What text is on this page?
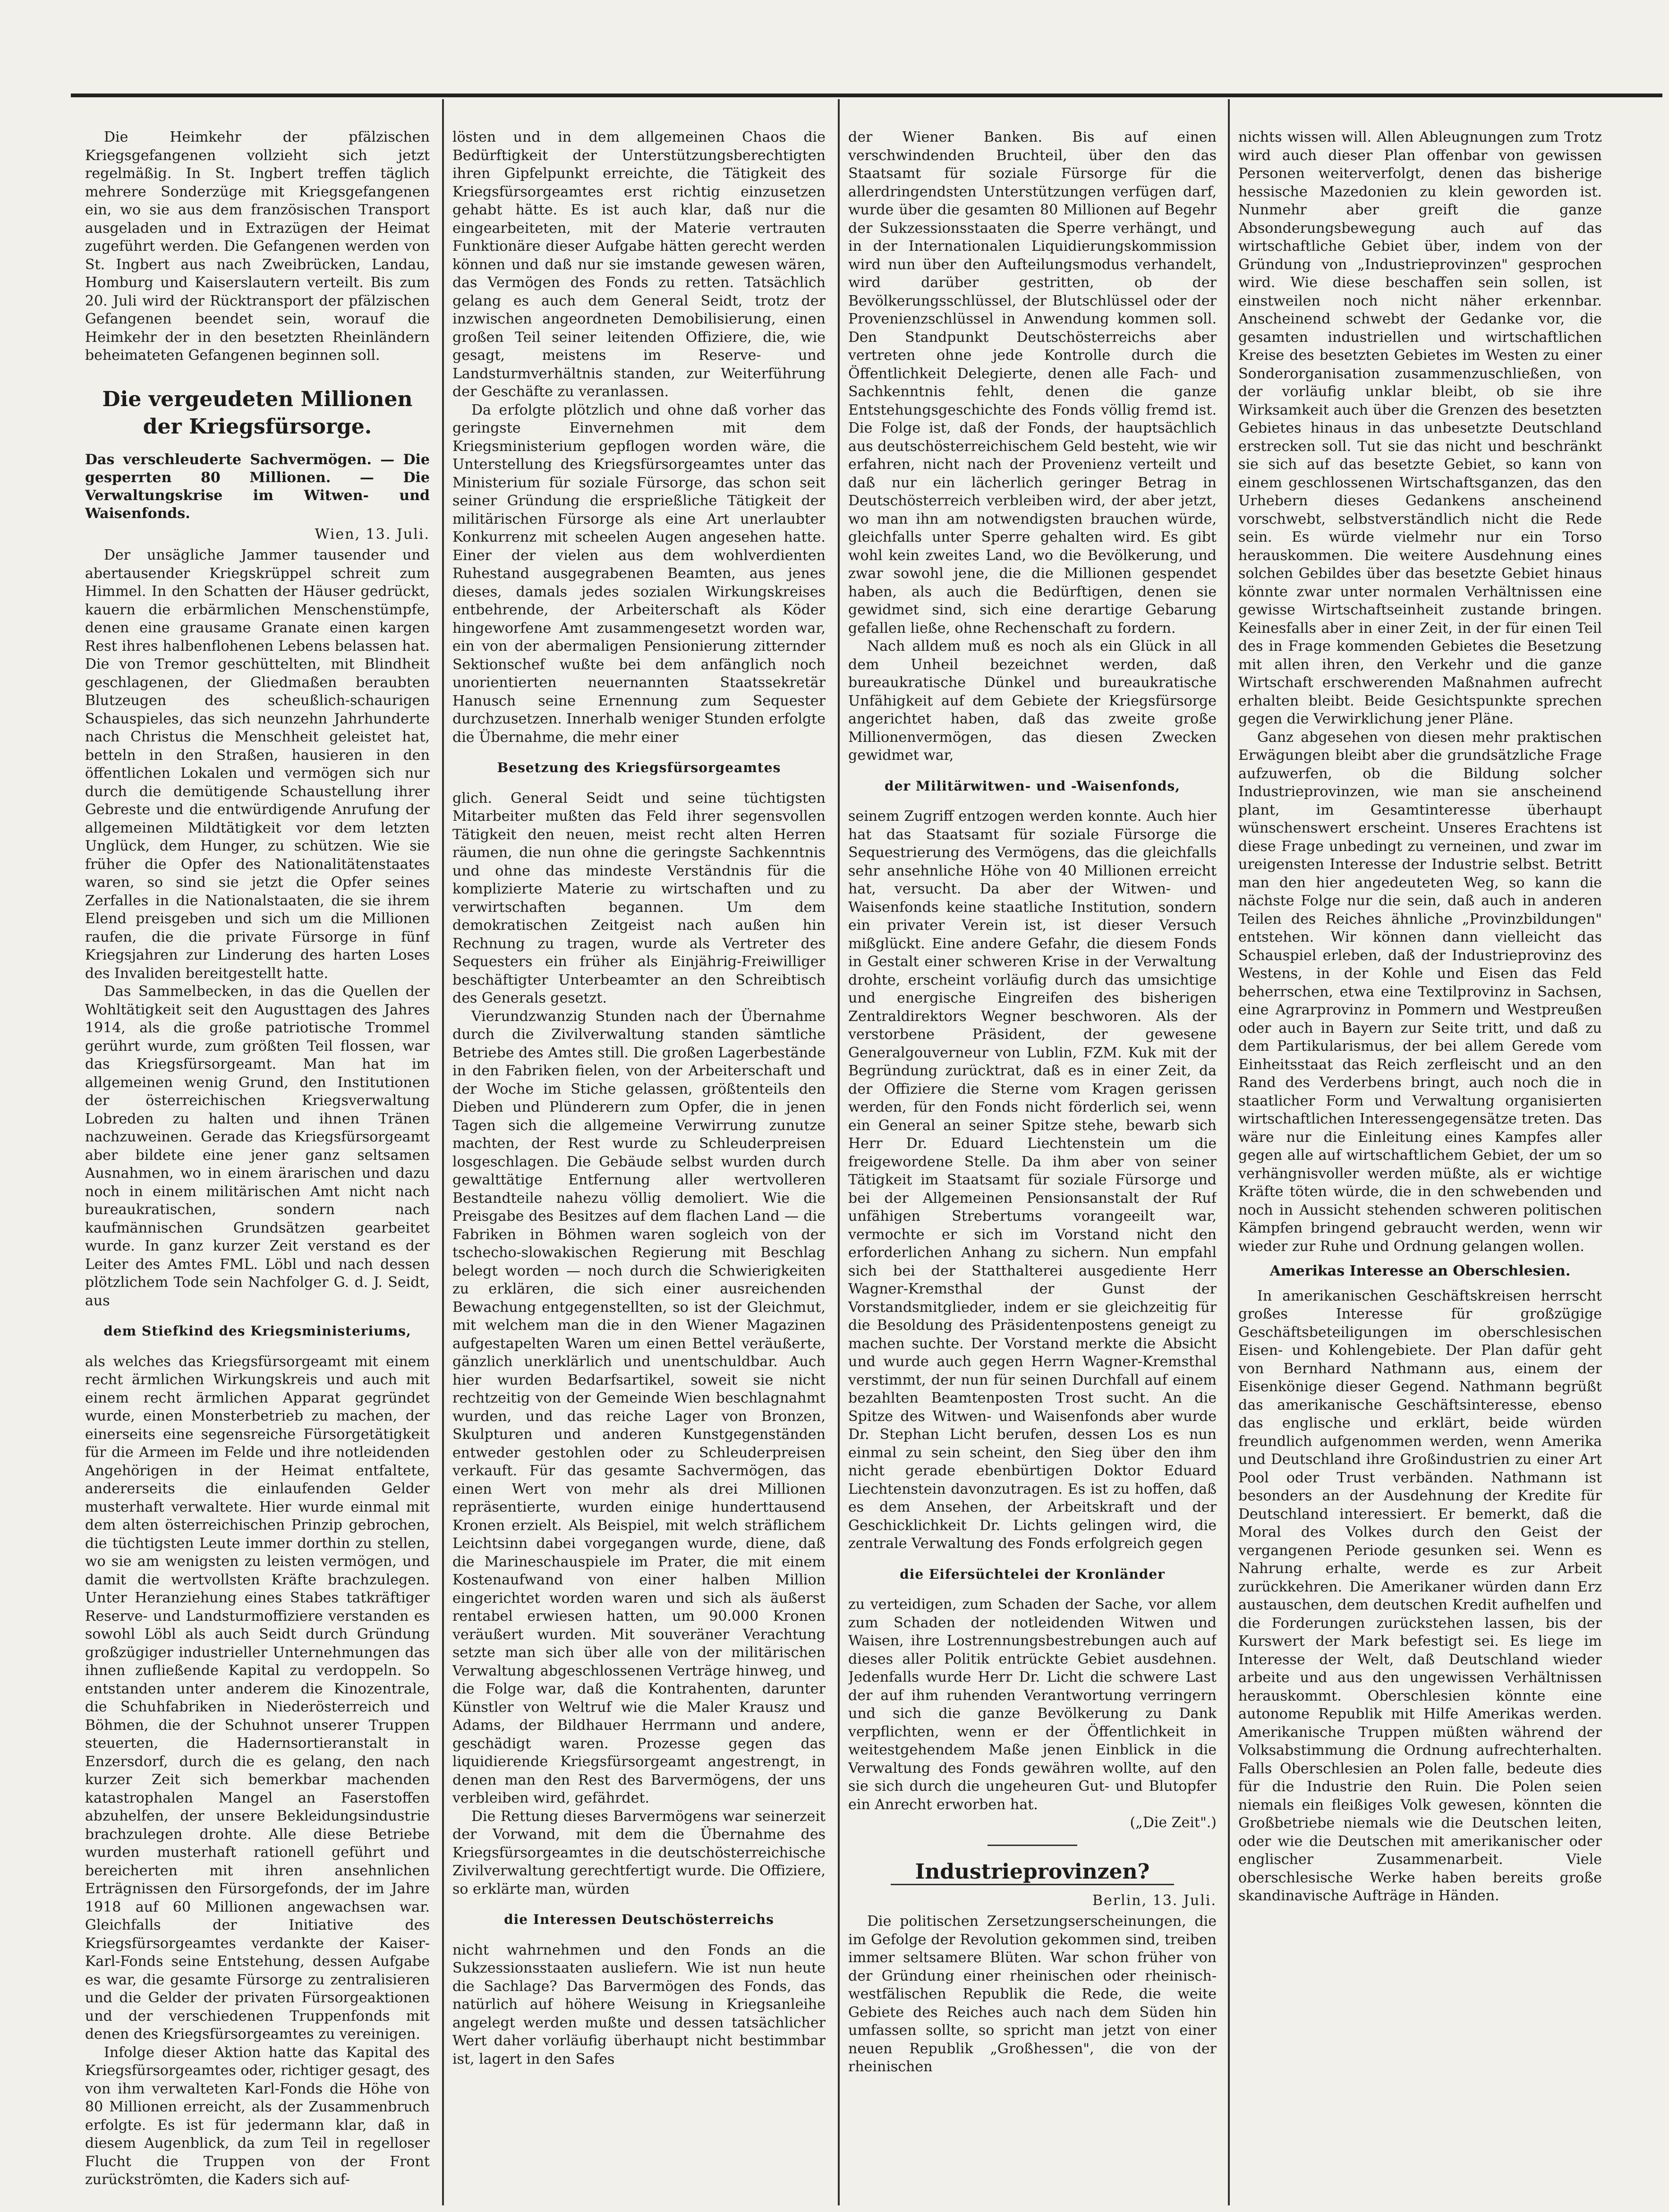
Die Heimkehr der pfälzischen Kriegsgefangenen vollzieht sich jetzt regelmäßig. In St. Ingbert treffen täglich mehrere Sonderzüge mit Kriegsgefangenen ein, wo sie aus dem französischen Transport ausgeladen und in Extrazügen der Heimat zugeführt werden. Die Gefangenen werden von St. Ingbert aus nach Zweibrücken, Landau, Homburg und Kaiserslautern verteilt. Bis zum 20. Juli wird der Rücktransport der pfälzischen Gefangenen beendet sein, worauf die Heimkehr der in den besetzten Rheinländern beheimateten Gefangenen beginnen soll.

Die vergeudeten Millionen der Kriegsfürsorge.
Das verschleuderte Sachvermögen. — Die gesperrten 80 Millionen. — Die Verwaltungskrise im Witwen- und Waisenfonds.
Wien, 13. Juli.

Der unsägliche Jammer tausender und abertausender Kriegskrüppel schreit zum Himmel. In den Schatten der Häuser gedrückt, kauern die erbärmlichen Menschenstümpfe, denen eine grausame Granate einen kargen Rest ihres halbenflohenen Lebens belassen hat. Die von Tremor geschüttelten, mit Blindheit geschlagenen, der Gliedmaßen beraubten Blutzeugen des scheußlich-schaurigen Schauspieles, das sich neunzehn Jahrhunderte nach Christus die Menschheit geleistet hat, betteln in den Straßen, hausieren in den öffentlichen Lokalen und vermögen sich nur durch die demütigende Schaustellung ihrer Gebreste und die entwürdigende Anrufung der allgemeinen Mildtätigkeit vor dem letzten Unglück, dem Hunger, zu schützen. Wie sie früher die Opfer des Nationalitätenstaates waren, so sind sie jetzt die Opfer seines Zerfalles in die Nationalstaaten, die sie ihrem Elend preisgeben und sich um die Millionen raufen, die die private Fürsorge in fünf Kriegsjahren zur Linderung des harten Loses des Invaliden bereitgestellt hatte.

Das Sammelbecken, in das die Quellen der Wohltätigkeit seit den Augusttagen des Jahres 1914, als die große patriotische Trommel gerührt wurde, zum größten Teil flossen, war das Kriegsfürsorgeamt. Man hat im allgemeinen wenig Grund, den Institutionen der österreichischen Kriegsverwaltung Lobreden zu halten und ihnen Tränen nachzuweinen. Gerade das Kriegsfürsorgeamt aber bildete eine jener ganz seltsamen Ausnahmen, wo in einem ärarischen und dazu noch in einem militärischen Amt nicht nach bureaukratischen, sondern nach kaufmännischen Grundsätzen gearbeitet wurde. In ganz kurzer Zeit verstand es der Leiter des Amtes FML. Löbl und nach dessen plötzlichem Tode sein Nachfolger G. d. J. Seidt, aus

dem Stiefkind des Kriegsministeriums,

als welches das Kriegsfürsorgeamt mit einem recht ärmlichen Wirkungskreis und auch mit einem recht ärmlichen Apparat gegründet wurde, einen Monsterbetrieb zu machen, der einerseits eine segensreiche Fürsorgetätigkeit für die Armeen im Felde und ihre notleidenden Angehörigen in der Heimat entfaltete, andererseits die einlaufenden Gelder musterhaft verwaltete. Hier wurde einmal mit dem alten österreichischen Prinzip gebrochen, die tüchtigsten Leute immer dorthin zu stellen, wo sie am wenigsten zu leisten vermögen, und damit die wertvollsten Kräfte brachzulegen. Unter Heranziehung eines Stabes tatkräftiger Reserve- und Landsturmoffiziere verstanden es sowohl Löbl als auch Seidt durch Gründung großzügiger industrieller Unternehmungen das ihnen zufließende Kapital zu verdoppeln. So entstanden unter anderem die Kinozentrale, die Schuhfabriken in Niederösterreich und Böhmen, die der Schuhnot unserer Truppen steuerten, die Hadernsortieranstalt in Enzersdorf, durch die es gelang, den nach kurzer Zeit sich bemerkbar machenden katastrophalen Mangel an Faserstoffen abzuhelfen, der unsere Bekleidungsindustrie brachzulegen drohte. Alle diese Betriebe wurden musterhaft rationell geführt und bereicherten mit ihren ansehnlichen Erträgnissen den Fürsorgefonds, der im Jahre 1918 auf 60 Millionen angewachsen war. Gleichfalls der Initiative des Kriegsfürsorgeamtes verdankte der Kaiser-Karl-Fonds seine Entstehung, dessen Aufgabe es war, die gesamte Fürsorge zu zentralisieren und die Gelder der privaten Fürsorgeaktionen und der verschiedenen Truppenfonds mit denen des Kriegsfürsorgeamtes zu vereinigen.

Infolge dieser Aktion hatte das Kapital des Kriegsfürsorgeamtes oder, richtiger gesagt, des von ihm verwalteten Karl-Fonds die Höhe von 80 Millionen erreicht, als der Zusammenbruch erfolgte. Es ist für jedermann klar, daß in diesem Augenblick, da zum Teil in regelloser Flucht die Truppen von der Front zurückströmten, die Kaders sich auf-

lösten und in dem allgemeinen Chaos die Bedürftigkeit der Unterstützungsberechtigten ihren Gipfelpunkt erreichte, die Tätigkeit des Kriegsfürsorgeamtes erst richtig einzusetzen gehabt hätte. Es ist auch klar, daß nur die eingearbeiteten, mit der Materie vertrauten Funktionäre dieser Aufgabe hätten gerecht werden können und daß nur sie imstande gewesen wären, das Vermögen des Fonds zu retten. Tatsächlich gelang es auch dem General Seidt, trotz der inzwischen angeordneten Demobilisierung, einen großen Teil seiner leitenden Offiziere, die, wie gesagt, meistens im Reserve- und Landsturmverhältnis standen, zur Weiterführung der Geschäfte zu veranlassen.

Da erfolgte plötzlich und ohne daß vorher das geringste Einvernehmen mit dem Kriegsministerium gepflogen worden wäre, die Unterstellung des Kriegsfürsorgeamtes unter das Ministerium für soziale Fürsorge, das schon seit seiner Gründung die ersprießliche Tätigkeit der militärischen Fürsorge als eine Art unerlaubter Konkurrenz mit scheelen Augen angesehen hatte. Einer der vielen aus dem wohlverdienten Ruhestand ausgegrabenen Beamten, aus jenes dieses, damals jedes sozialen Wirkungskreises entbehrende, der Arbeiterschaft als Köder hingeworfene Amt zusammengesetzt worden war, ein von der abermaligen Pensionierung zitternder Sektionschef wußte bei dem anfänglich noch unorientierten neuernannten Staatssekretär Hanusch seine Ernennung zum Sequester durchzusetzen. Innerhalb weniger Stunden erfolgte die Übernahme, die mehr einer

Besetzung des Kriegsfürsorgeamtes

glich. General Seidt und seine tüchtigsten Mitarbeiter mußten das Feld ihrer segensvollen Tätigkeit den neuen, meist recht alten Herren räumen, die nun ohne die geringste Sachkenntnis und ohne das mindeste Verständnis für die komplizierte Materie zu wirtschaften und zu verwirtschaften begannen. Um dem demokratischen Zeitgeist nach außen hin Rechnung zu tragen, wurde als Vertreter des Sequesters ein früher als Einjährig-Freiwilliger beschäftigter Unterbeamter an den Schreibtisch des Generals gesetzt.

Vierundzwanzig Stunden nach der Übernahme durch die Zivilverwaltung standen sämtliche Betriebe des Amtes still. Die großen Lagerbestände in den Fabriken fielen, von der Arbeiterschaft und der Woche im Stiche gelassen, größtenteils den Dieben und Plünderern zum Opfer, die in jenen Tagen sich die allgemeine Verwirrung zunutze machten, der Rest wurde zu Schleuderpreisen losgeschlagen. Die Gebäude selbst wurden durch gewalttätige Entfernung aller wertvolleren Bestandteile nahezu völlig demoliert. Wie die Preisgabe des Besitzes auf dem flachen Land — die Fabriken in Böhmen waren sogleich von der tschecho-slowakischen Regierung mit Beschlag belegt worden — noch durch die Schwierigkeiten zu erklären, die sich einer ausreichenden Bewachung entgegenstellten, so ist der Gleichmut, mit welchem man die in den Wiener Magazinen aufgestapelten Waren um einen Bettel veräußerte, gänzlich unerklärlich und unentschuldbar. Auch hier wurden Bedarfsartikel, soweit sie nicht rechtzeitig von der Gemeinde Wien beschlagnahmt wurden, und das reiche Lager von Bronzen, Skulpturen und anderen Kunstgegenständen entweder gestohlen oder zu Schleuderpreisen verkauft. Für das gesamte Sachvermögen, das einen Wert von mehr als drei Millionen repräsentierte, wurden einige hunderttausend Kronen erzielt. Als Beispiel, mit welch sträflichem Leichtsinn dabei vorgegangen wurde, diene, daß die Marineschauspiele im Prater, die mit einem Kostenaufwand von einer halben Million eingerichtet worden waren und sich als äußerst rentabel erwiesen hatten, um 90.000 Kronen veräußert wurden. Mit souveräner Verachtung setzte man sich über alle von der militärischen Verwaltung abgeschlossenen Verträge hinweg, und die Folge war, daß die Kontrahenten, darunter Künstler von Weltruf wie die Maler Krausz und Adams, der Bildhauer Herrmann und andere, geschädigt waren. Prozesse gegen das liquidierende Kriegsfürsorgeamt angestrengt, in denen man den Rest des Barvermögens, der uns verbleiben wird, gefährdet.

Die Rettung dieses Barvermögens war seinerzeit der Vorwand, mit dem die Übernahme des Kriegsfürsorgeamtes in die deutschösterreichische Zivilverwaltung gerechtfertigt wurde. Die Offiziere, so erklärte man, würden

die Interessen Deutschösterreichs

nicht wahrnehmen und den Fonds an die Sukzessionsstaaten ausliefern. Wie ist nun heute die Sachlage? Das Barvermögen des Fonds, das natürlich auf höhere Weisung in Kriegsanleihe angelegt werden mußte und dessen tatsächlicher Wert daher vorläufig überhaupt nicht bestimmbar ist, lagert in den Safes

der Wiener Banken. Bis auf einen verschwindenden Bruchteil, über den das Staatsamt für soziale Fürsorge für die allerdringendsten Unterstützungen verfügen darf, wurde über die gesamten 80 Millionen auf Begehr der Sukzessionsstaaten die Sperre verhängt, und in der Internationalen Liquidierungskommission wird nun über den Aufteilungsmodus verhandelt, wird darüber gestritten, ob der Bevölkerungsschlüssel, der Blutschlüssel oder der Provenienzschlüssel in Anwendung kommen soll. Den Standpunkt Deutschösterreichs aber vertreten ohne jede Kontrolle durch die Öffentlichkeit Delegierte, denen alle Fach- und Sachkenntnis fehlt, denen die ganze Entstehungsgeschichte des Fonds völlig fremd ist. Die Folge ist, daß der Fonds, der hauptsächlich aus deutschösterreichischem Geld besteht, wie wir erfahren, nicht nach der Provenienz verteilt und daß nur ein lächerlich geringer Betrag in Deutschösterreich verbleiben wird, der aber jetzt, wo man ihn am notwendigsten brauchen würde, gleichfalls unter Sperre gehalten wird. Es gibt wohl kein zweites Land, wo die Bevölkerung, und zwar sowohl jene, die die Millionen gespendet haben, als auch die Bedürftigen, denen sie gewidmet sind, sich eine derartige Gebarung gefallen ließe, ohne Rechenschaft zu fordern.

Nach alldem muß es noch als ein Glück in all dem Unheil bezeichnet werden, daß bureaukratische Dünkel und bureaukratische Unfähigkeit auf dem Gebiete der Kriegsfürsorge angerichtet haben, daß das zweite große Millionenvermögen, das diesen Zwecken gewidmet war,

der Militärwitwen- und -Waisenfonds,

seinem Zugriff entzogen werden konnte. Auch hier hat das Staatsamt für soziale Fürsorge die Sequestrierung des Vermögens, das die gleichfalls sehr ansehnliche Höhe von 40 Millionen erreicht hat, versucht. Da aber der Witwen- und Waisenfonds keine staatliche Institution, sondern ein privater Verein ist, ist dieser Versuch mißglückt. Eine andere Gefahr, die diesem Fonds in Gestalt einer schweren Krise in der Verwaltung drohte, erscheint vorläufig durch das umsichtige und energische Eingreifen des bisherigen Zentraldirektors Wegner beschworen. Als der verstorbene Präsident, der gewesene Generalgouverneur von Lublin, FZM. Kuk mit der Begründung zurücktrat, daß es in einer Zeit, da der Offiziere die Sterne vom Kragen gerissen werden, für den Fonds nicht förderlich sei, wenn ein General an seiner Spitze stehe, bewarb sich Herr Dr. Eduard Liechtenstein um die freigewordene Stelle. Da ihm aber von seiner Tätigkeit im Staatsamt für soziale Fürsorge und bei der Allgemeinen Pensionsanstalt der Ruf unfähigen Strebertums vorangeeilt war, vermochte er sich im Vorstand nicht den erforderlichen Anhang zu sichern. Nun empfahl sich bei der Statthalterei ausgediente Herr Wagner-Kremsthal der Gunst der Vorstandsmitglieder, indem er sie gleichzeitig für die Besoldung des Präsidentenpostens geneigt zu machen suchte. Der Vorstand merkte die Absicht und wurde auch gegen Herrn Wagner-Kremsthal verstimmt, der nun für seinen Durchfall auf einem bezahlten Beamtenposten Trost sucht. An die Spitze des Witwen- und Waisenfonds aber wurde Dr. Stephan Licht berufen, dessen Los es nun einmal zu sein scheint, den Sieg über den ihm nicht gerade ebenbürtigen Doktor Eduard Liechtenstein davonzutragen. Es ist zu hoffen, daß es dem Ansehen, der Arbeitskraft und der Geschicklichkeit Dr. Lichts gelingen wird, die zentrale Verwaltung des Fonds erfolgreich gegen

die Eifersüchtelei der Kronländer

zu verteidigen, zum Schaden der Sache, vor allem zum Schaden der notleidenden Witwen und Waisen, ihre Lostrennungsbestrebungen auch auf dieses aller Politik entrückte Gebiet ausdehnen. Jedenfalls wurde Herr Dr. Licht die schwere Last der auf ihm ruhenden Verantwortung verringern und sich die ganze Bevölkerung zu Dank verpflichten, wenn er der Öffentlichkeit in weitestgehendem Maße jenen Einblick in die Verwaltung des Fonds gewähren wollte, auf den sie sich durch die ungeheuren Gut- und Blutopfer ein Anrecht erworben hat.

(„Die Zeit".)
Industrieprovinzen?
Berlin, 13. Juli.

Die politischen Zersetzungserscheinungen, die im Gefolge der Revolution gekommen sind, treiben immer seltsamere Blüten. War schon früher von der Gründung einer rheinischen oder rheinisch-westfälischen Republik die Rede, die weite Gebiete des Reiches auch nach dem Süden hin umfassen sollte, so spricht man jetzt von einer neuen Republik „Großhessen", die von der rheinischen

nichts wissen will. Allen Ableugnungen zum Trotz wird auch dieser Plan offenbar von gewissen Personen weiterverfolgt, denen das bisherige hessische Mazedonien zu klein geworden ist. Nunmehr aber greift die ganze Absonderungsbewegung auch auf das wirtschaftliche Gebiet über, indem von der Gründung von „Industrieprovinzen" gesprochen wird. Wie diese beschaffen sein sollen, ist einstweilen noch nicht näher erkennbar. Anscheinend schwebt der Gedanke vor, die gesamten industriellen und wirtschaftlichen Kreise des besetzten Gebietes im Westen zu einer Sonderorganisation zusammenzuschließen, von der vorläufig unklar bleibt, ob sie ihre Wirksamkeit auch über die Grenzen des besetzten Gebietes hinaus in das unbesetzte Deutschland erstrecken soll. Tut sie das nicht und beschränkt sie sich auf das besetzte Gebiet, so kann von einem geschlossenen Wirtschaftsganzen, das den Urhebern dieses Gedankens anscheinend vorschwebt, selbstverständlich nicht die Rede sein. Es würde vielmehr nur ein Torso herauskommen. Die weitere Ausdehnung eines solchen Gebildes über das besetzte Gebiet hinaus könnte zwar unter normalen Verhältnissen eine gewisse Wirtschaftseinheit zustande bringen. Keinesfalls aber in einer Zeit, in der für einen Teil des in Frage kommenden Gebietes die Besetzung mit allen ihren, den Verkehr und die ganze Wirtschaft erschwerenden Maßnahmen aufrecht erhalten bleibt. Beide Gesichtspunkte sprechen gegen die Verwirklichung jener Pläne.

Ganz abgesehen von diesen mehr praktischen Erwägungen bleibt aber die grundsätzliche Frage aufzuwerfen, ob die Bildung solcher Industrieprovinzen, wie man sie anscheinend plant, im Gesamtinteresse überhaupt wünschenswert erscheint. Unseres Erachtens ist diese Frage unbedingt zu verneinen, und zwar im ureigensten Interesse der Industrie selbst. Betritt man den hier angedeuteten Weg, so kann die nächste Folge nur die sein, daß auch in anderen Teilen des Reiches ähnliche „Provinzbildungen" entstehen. Wir können dann vielleicht das Schauspiel erleben, daß der Industrieprovinz des Westens, in der Kohle und Eisen das Feld beherrschen, etwa eine Textilprovinz in Sachsen, eine Agrarprovinz in Pommern und Westpreußen oder auch in Bayern zur Seite tritt, und daß zu dem Partikularismus, der bei allem Gerede vom Einheitsstaat das Reich zerfleischt und an den Rand des Verderbens bringt, auch noch die in staatlicher Form und Verwaltung organisierten wirtschaftlichen Interessengegensätze treten. Das wäre nur die Einleitung eines Kampfes aller gegen alle auf wirtschaftlichem Gebiet, der um so verhängnisvoller werden müßte, als er wichtige Kräfte töten würde, die in den schwebenden und noch in Aussicht stehenden schweren politischen Kämpfen bringend gebraucht werden, wenn wir wieder zur Ruhe und Ordnung gelangen wollen.

Amerikas Interesse an Oberschlesien.

In amerikanischen Geschäftskreisen herrscht großes Interesse für großzügige Geschäftsbeteiligungen im oberschlesischen Eisen- und Kohlengebiete. Der Plan dafür geht von Bernhard Nathmann aus, einem der Eisenkönige dieser Gegend. Nathmann begrüßt das amerikanische Geschäftsinteresse, ebenso das englische und erklärt, beide würden freundlich aufgenommen werden, wenn Amerika und Deutschland ihre Großindustrien zu einer Art Pool oder Trust verbänden. Nathmann ist besonders an der Ausdehnung der Kredite für Deutschland interessiert. Er bemerkt, daß die Moral des Volkes durch den Geist der vergangenen Periode gesunken sei. Wenn es Nahrung erhalte, werde es zur Arbeit zurückkehren. Die Amerikaner würden dann Erz austauschen, dem deutschen Kredit aufhelfen und die Forderungen zurückstehen lassen, bis der Kurswert der Mark befestigt sei. Es liege im Interesse der Welt, daß Deutschland wieder arbeite und aus den ungewissen Verhältnissen herauskommt. Oberschlesien könnte eine autonome Republik mit Hilfe Amerikas werden. Amerikanische Truppen müßten während der Volksabstimmung die Ordnung aufrechterhalten. Falls Oberschlesien an Polen falle, bedeute dies für die Industrie den Ruin. Die Polen seien niemals ein fleißiges Volk gewesen, könnten die Großbetriebe niemals wie die Deutschen leiten, oder wie die Deutschen mit amerikanischer oder englischer Zusammenarbeit. Viele oberschlesische Werke haben bereits große skandinavische Aufträge in Händen.
